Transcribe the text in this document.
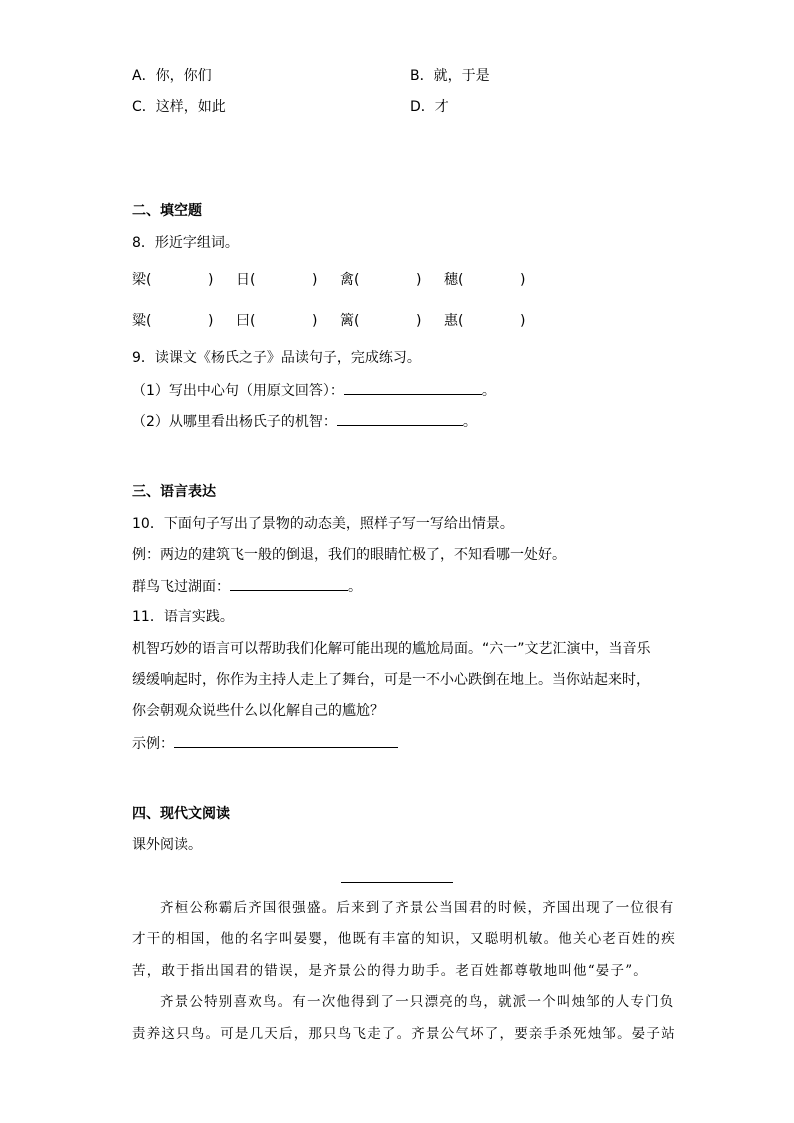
A．你，你们	B．就，于是
C．这样，如此	D．才
二、填空题
8．形近字组词。
梁(	)	日(	)	禽(	)	穗(	)
粱(	)	曰(	)	篱(	)	惠(	)
9．读课文《杨氏之子》品读句子，完成练习。
（1）写出中心句（用原文回答）：	。
（2）从哪里看出杨氏子的机智：	。
三、语言表达
10．下面句子写出了景物的动态美，照样子写一写给出情景。
例：两边的建筑飞一般的倒退，我们的眼睛忙极了，不知看哪一处好。
群鸟飞过湖面：	。
11．语言实践。
机智巧妙的语言可以帮助我们化解可能出现的尴尬局面。“六一”文艺汇演中，当音乐
缓缓响起时，你作为主持人走上了舞台，可是一不小心跌倒在地上。当你站起来时，
你会朝观众说些什么以化解自己的尴尬？
示例：
四、现代文阅读
课外阅读。
齐桓公称霸后齐国很强盛。后来到了齐景公当国君的时候，齐国出现了一位很有
才干的相国，他的名字叫晏婴，他既有丰富的知识，又聪明机敏。他关心老百姓的疾
苦，敢于指出国君的错误，是齐景公的得力助手。老百姓都尊敬地叫他“晏子”。
齐景公特别喜欢鸟。有一次他得到了一只漂亮的鸟，就派一个叫烛邹的人专门负
责养这只鸟。可是几天后，那只鸟飞走了。齐景公气坏了，要亲手杀死烛邹。晏子站
